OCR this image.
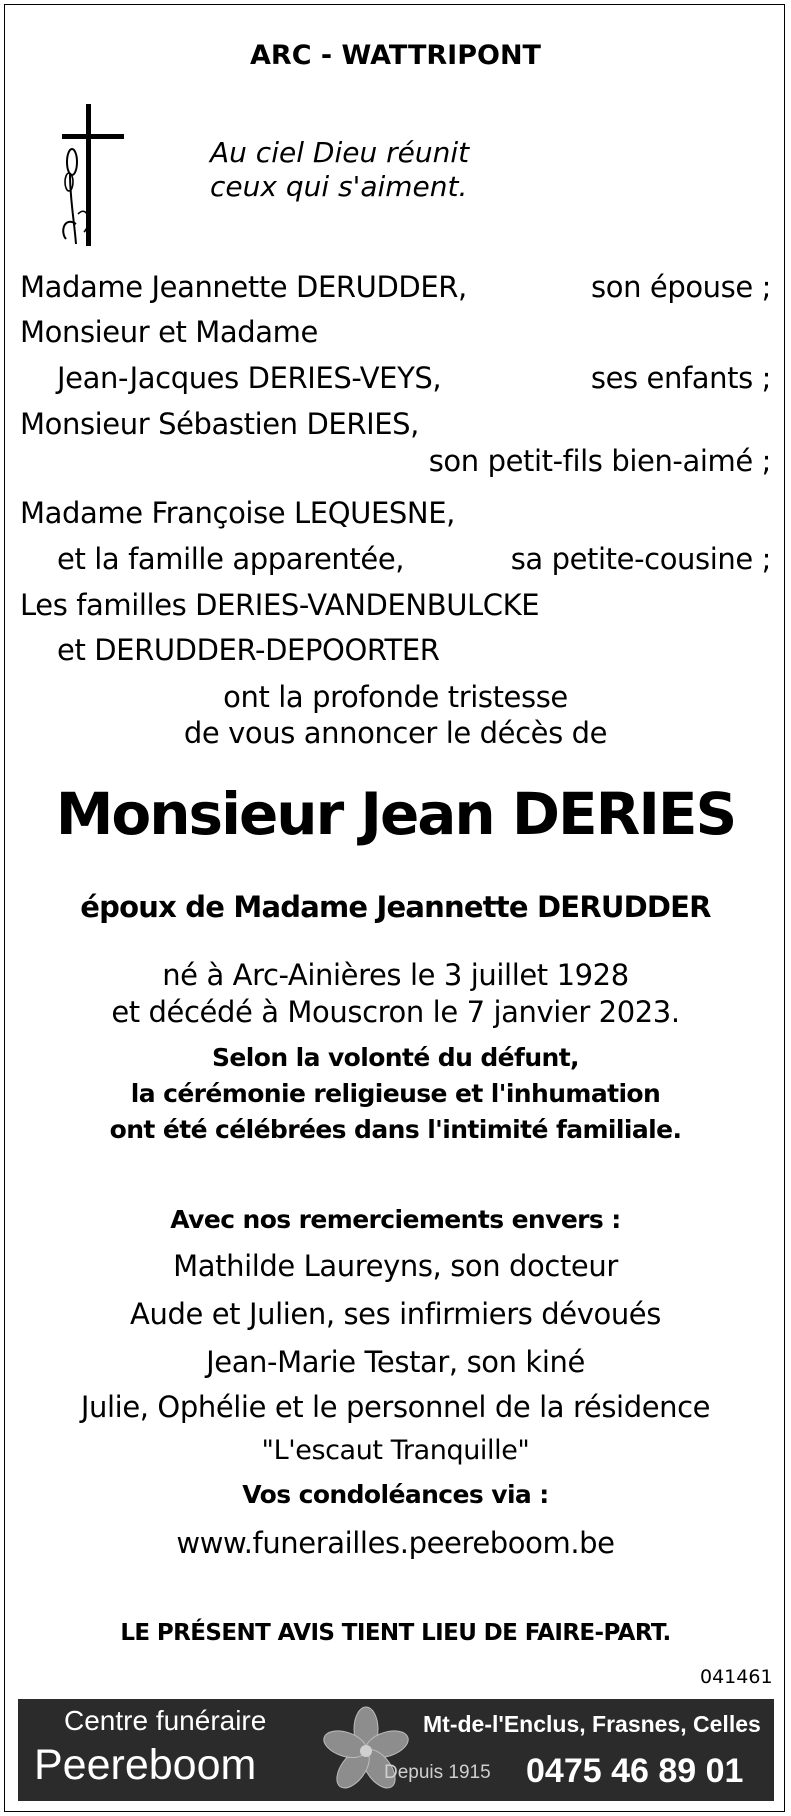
ARC - WATTRIPONT
Au ciel Dieu réunit
ceux qui s'aiment.
Madame Jeannette DERUDDER,	son épouse ;
Monsieur et Madame
Jean-Jacques DERIES-VEYS,	ses enfants ;
Monsieur Sébastien DERIES,
son petit-fils bien-aimé ;
Madame Françoise LEQUESNE,
et la famille apparentée,	sa petite-cousine ;
Les familles DERIES-VANDENBULCKE
et DERUDDER-DEPOORTER
ont la profonde tristesse
de vous annoncer le décès de
Monsieur Jean DERIES
époux de Madame Jeannette DERUDDER
né à Arc-Ainières le 3 juillet 1928
et décédé à Mouscron le 7 janvier 2023.
Selon la volonté du défunt,
la cérémonie religieuse et l'inhumation
ont été célébrées dans l'intimité familiale.
Avec nos remerciements envers :
Mathilde Laureyns, son docteur
Aude et Julien, ses infirmiers dévoués
Jean-Marie Testar, son kiné
Julie, Ophélie et le personnel de la résidence
"L'escaut Tranquille"
Vos condoléances via :
www.funerailles.peereboom.be
LE PRÉSENT AVIS TIENT LIEU DE FAIRE-PART.
Centre funéraire
Peereboom	Depuis 1915
Mt-de-l'Enclus, Frasnes, Celles
0475 46 89 01
041461
